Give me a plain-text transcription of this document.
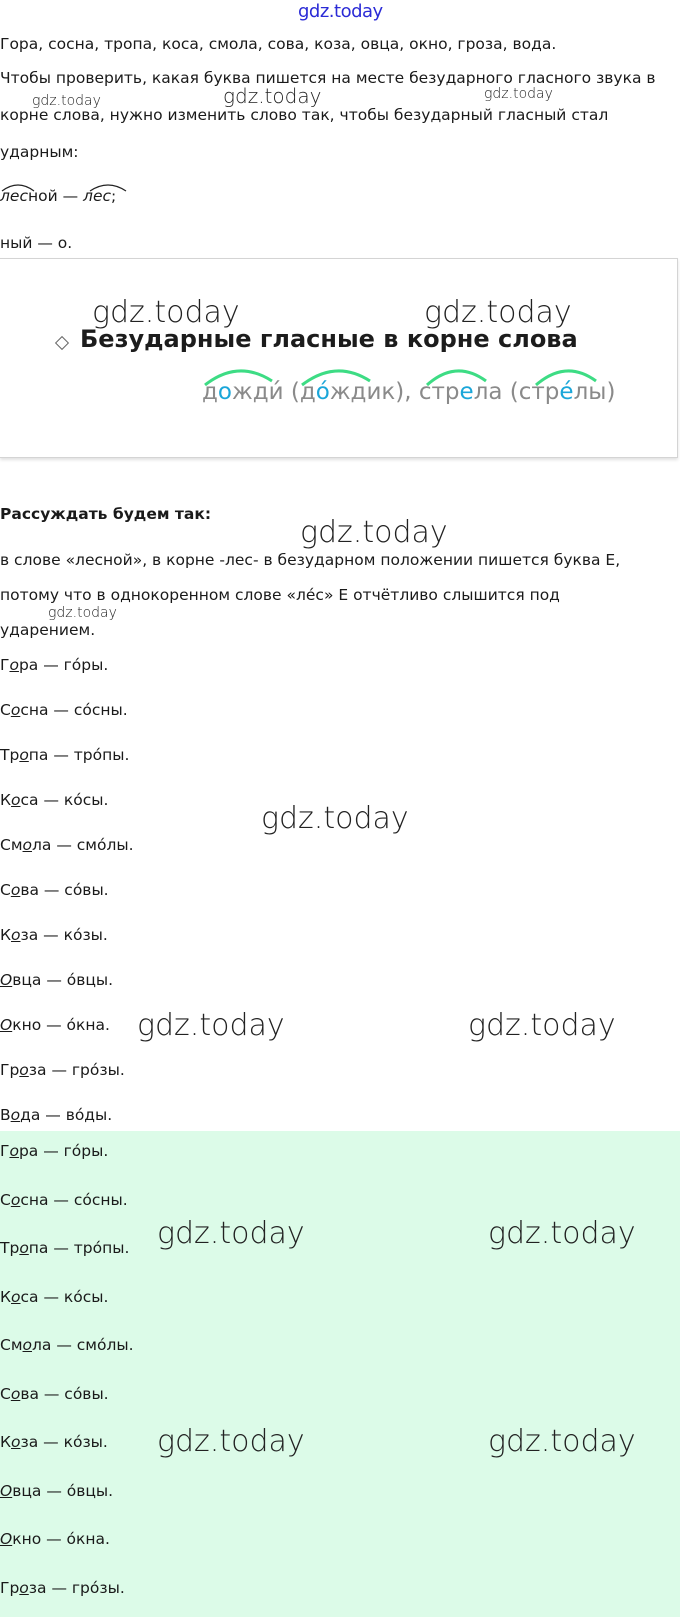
gdz.today
Гора, сосна, тропа, коса, смола, сова, коза, овца, окно, гроза, вода.
Чтобы проверить, какая буква пишется на месте безударного гласного звука в
корне слова, нужно изменить слово так, чтобы безударный гласный стал
ударным:
лесной — лес;
ный — о.
Безударные гласные в корне слова
дожди́ (до́ждик), стрела (стре́лы)
Рассуждать будем так:
в слове «лесной», в корне -лес- в безударном положении пишется буква Е,
потому что в однокоренном слове «ле́с» Е отчётливо слышится под
ударением.
Гора — го́ры.
Сосна — со́сны.
Тропа — тро́пы.
Коса — ко́сы.
Смола — смо́лы.
Сова — со́вы.
Коза — ко́зы.
Овца — о́вцы.
Окно — о́кна.
Гроза — гро́зы.
Вода — во́ды.
Гора — го́ры.
Сосна — со́сны.
Тропа — тро́пы.
Коса — ко́сы.
Смола — смо́лы.
Сова — со́вы.
Коза — ко́зы.
Овца — о́вцы.
Окно — о́кна.
Гроза — гро́зы.
gdz.today
gdz.today	gdz.today
gdz.today	gdz.today
gdz.today
gdz.today
gdz.today
gdz.today	gdz.today
gdz.today	gdz.today
gdz.today	gdz.today
